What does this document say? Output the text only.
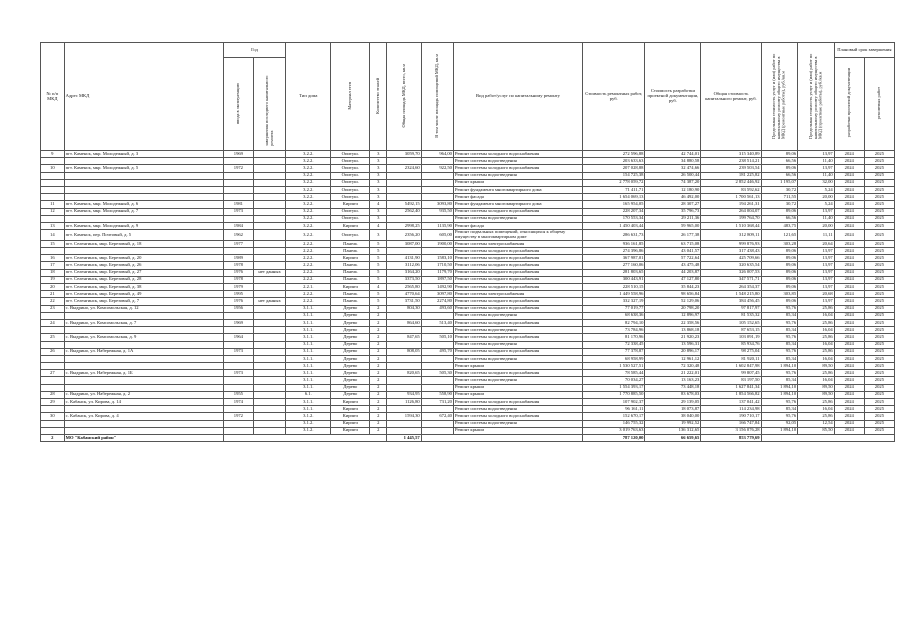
№ п/п МКД	Адрес МКД	Год		Тип дома	Материал стен	Количество этажей	Общая площадь МКД, всего, кв.м	В том числе площадь помещений МКД, кв.м	Вид работ/услуг по капитальному ремонту	Стоимость ремонтных работ, руб.	Стоимость разработки проектной документации, руб.	Общая стоимость капитального ремонт, руб.	Предельная стоимость услуг и (или) работ по капитальному ремонту общего имущества в МКД (ремонтные работы), руб./кв.м	Предельная стоимость услуг и (или) работ по капитальному ремонту общего имущества в МКД (проектные работы), руб./кв.м	Плановый срок завершения	
		ввода в эксплуатацию	завершения последнего капитального ремонта												разработки проектной документации	ремонтных работ
9	пгт. Каменск, мкр. Молодежный, д. 3	1969		3.2.2.	Опитуш.	3	3059,70	964,00	Ремонт системы холодного водоснабжения	272 596,88	42 744,01	315 340,89	89,06	13,97	2024	2025
				3.2.2.	Опитуш.	3			Ремонт системы водоотведения	203 633,63	34 880,58	238 514,21	66,56	11,40	2024	2025
10	пгт. Каменск, мкр. Молодежный, д. 5	1972		3.2.2.	Опитуш.	3	2324,60	922,50	Ремонт системы холодного водоснабжения	207 028,88	32 474,66	239 503,54	89,06	13,97	2024	2025
				3.2.2.	Опитуш.	3			Ремонт системы водоотведения	154 725,38	26 500,44	181 225,82	66,56	11,40	2024	2025
				3.2.2.	Опитуш.	3			Ремонт крыши	2 778 059,72	74 387,20	2 852 446,92	1 195,07	32,00	2024	2025
				3.2.2.	Опитуш.	3			Ремонт фундамента многоквартирного дома	71 411,71	12 180,90	83 592,62	30,72	5,24	2024	2025
				3.2.2.	Опитуш.	3			Ремонт фасада	1 654 069,13	46 492,00	1 700 561,13	711,55	20,00	2024	2025
11	пгт. Каменск, мкр. Молодежный, д. 6	1981		3.2.2.	Кирпич	4	5492,15	3093,80	Ремонт фундамента многоквартирного дома	165 954,05	28 307,27	194 261,31	30,72	5,24	2024	2025
12	пгт. Каменск, мкр. Молодежный, д. 7	1973		3.2.2.	Опитуш.	3	2562,40	935,50	Ремонт системы холодного водоснабжения	228 207,34	35 796,73	264 004,07	89,06	13,97	2024	2025
				3.2.2.	Опитуш.	3			Ремонт системы водоотведения	170 553,34	29 211,36	199 764,70	66,56	11,40	2024	2025
13	пгт. Каменск, мкр. Молодежный, д. 9	1984		3.2.2.	Кирпич	4	2998,25	1135,90	Ремонт фасада	1 450 403,44	59 965,00	1 510 368,44	483,75	20,00	2024	2025
14	пгт. Каменск, пер. Почтовый, д. 5	1962		3.2.2.	Опитуш.	3	2356,20	605,00	Ремонт подвальных помещений, относящихся к общему имуществу в многоквартирном доме	286 631,73	26 177,38	312 809,11	121,65	11,11	2024	2025
15	пгт. Селенгинск, мкр. Березовый, д. 18	1977		2.2.2.	Панель	5	3087,00	1900,00	Ремонт системы электроснабжения	936 161,85	63 715,08	999 876,93	303,28	20,64	2024	2025
				2.2.2.	Панель	5			Ремонт системы холодного водоснабжения	274 396,86	43 041,57	317 438,43	89,06	13,97	2024	2025
16	пгт. Селенгинск, мкр. Березовый, д. 20	1989		2.2.2.	Кирпич	5	4131,90	1583,10	Ремонт системы холодного водоснабжения	367 987,01	57 722,64	425 709,66	89,06	13,97	2024	2025
17	пгт. Селенгинск, мкр. Березовый, д. 26	1978		2.2.2.	Панель	5	3112,06	1710,50	Ремонт системы холодного водоснабжения	277 160,06	43 475,48	320 635,54	89,06	13,97	2024	2025
18	пгт. Селенгинск, мкр. Березовый, д. 27	1976	нет данных	2.2.2.	Панель	5	3164,20	1179,70	Ремонт системы холодного водоснабжения	281 803,65	44 203,87	326 007,53	89,06	13,97	2024	2025
19	пгт. Селенгинск, мкр. Березовый, д. 28	1978		2.2.2.	Панель	5	3373,50	1897,50	Ремонт системы холодного водоснабжения	300 443,91	47 127,80	347 571,71	89,06	13,97	2024	2025
20	пгт. Селенгинск, мкр. Березовый, д. 38	1979		2.2.1.	Кирпич	4	2565,80	1492,90	Ремонт системы холодного водоснабжения	228 510,15	35 844,23	264 354,37	89,06	13,97	2024	2025
21	пгт. Селенгинск, мкр. Березовый, д. 49	1995		2.2.2.	Панель	5	4770,64	3097,80	Ремонт системы электроснабжения	1 449 558,96	98 656,84	1 548 215,80	303,85	20,68	2024	2025
22	пгт. Селенгинск, мкр. Березовый, д. 7	1976	нет данных	2.2.2.	Панель	5	3731,50	2274,80	Ремонт системы холодного водоснабжения	332 327,19	52 129,06	384 456,45	89,06	13,97	2024	2025
23	с. Выдрино, ул. Комсомольская, д. 12	1956		3.1.1.	Дерево	2	804,30	493,60	Ремонт системы холодного водоснабжения	77 019,77	20 798,20	97 817,97	95,76	25,86	2024	2025
				3.1.1.	Дерево	2			Ремонт системы водоотведения	68 638,36	12 896,97	81 535,32	85,34	16,04	2024	2025
24	с. Выдрино, ул. Комсомольская, д. 7	1969		3.1.1.	Дерево	2	864,60	513,40	Ремонт системы холодного водоснабжения	82 794,10	22 358,56	105 152,65	95,76	25,86	2024	2025
				3.1.1.	Дерево	2			Ремонт системы водоотведения	73 784,96	13 868,18	87 653,15	85,34	16,04	2024	2025
25	с. Выдрино, ул. Комсомольская, д. 9	1964		3.1.1.	Дерево	2	847,65	505,10	Ремонт системы холодного водоснабжения	81 170,96	21 920,23	103 091,19	95,76	25,86	2024	2025
				3.1.1.	Дерево	2			Ремонт системы водоотведения	72 338,45	13 596,31	85 934,76	85,34	16,04	2024	2025
26	с. Выдрино, ул. Набережная, д. 1А	1973		3.1.1.	Дерево	2	808,05	495,70	Ремонт системы холодного водоснабжения	77 378,87	20 896,17	98 275,04	95,76	25,86	2024	2025
				3.1.1.	Дерево	2			Ремонт системы водоотведения	68 958,99	12 961,12	81 920,11	85,34	16,04	2024	2025
				3.1.1.	Дерево	2			Ремонт крыши	1 530 527,51	72 320,48	1 602 847,98	1 894,10	89,50	2024	2025
27	с. Выдрино, ул. Набережная, д. 1Б	1973		3.1.1.	Дерево	2	820,65	505,30	Ремонт системы холодного водоснабжения	78 585,44	21 222,01	99 807,45	95,76	25,86	2024	2025
				3.1.1.	Дерево	2			Ремонт системы водоотведения	70 034,27	13 163,23	83 197,50	85,34	16,04	2024	2025
				3.1.1.	Дерево	2			Ремонт крыши	1 554 393,17	73 448,18	1 627 841,34	1 894,10	89,50	2024	2025
28	с. Выдрино, ул. Набережная, д. 2	1955		6.1.	Дерево	2	934,95	558,90	Ремонт крыши	1 770 885,50	83 678,03	1 854 566,82	1 894,10	89,50	2024	2025
29	с. Кабанск, ул. Кирова, д. 14	1974		3.1.1.	Кирпич	2	1126,80	731,20	Ремонт системы холодного водоснабжения	107 902,37	29 139,05	137 041,42	95,76	25,86	2024	2025
				3.1.1.	Кирпич	2			Ремонт системы водоотведения	96 161,11	18 073,87	114 234,98	85,34	16,04	2024	2025
30	с. Кабанск, ул. Кирова, д. 4	1972		3.1.2.	Кирпич	2	1594,30	672,40	Ремонт системы холодного водоснабжения	152 670,17	38 040,00	190 710,17	95,76	25,86	2024	2025
				3.1.2.	Кирпич	2			Ремонт системы водоотведения	146 755,32	19 992,52	166 747,84	92,05	12,54	2024	2025
				3.1.2.	Кирпич	2			Ремонт крыши	3 019 763,63	136 312,65	3 156 076,28	1 894,10	85,50	2024	2025
2	МО "Кабанский район"						1 445,57			787 120,00	66 659,65	853 779,69				
